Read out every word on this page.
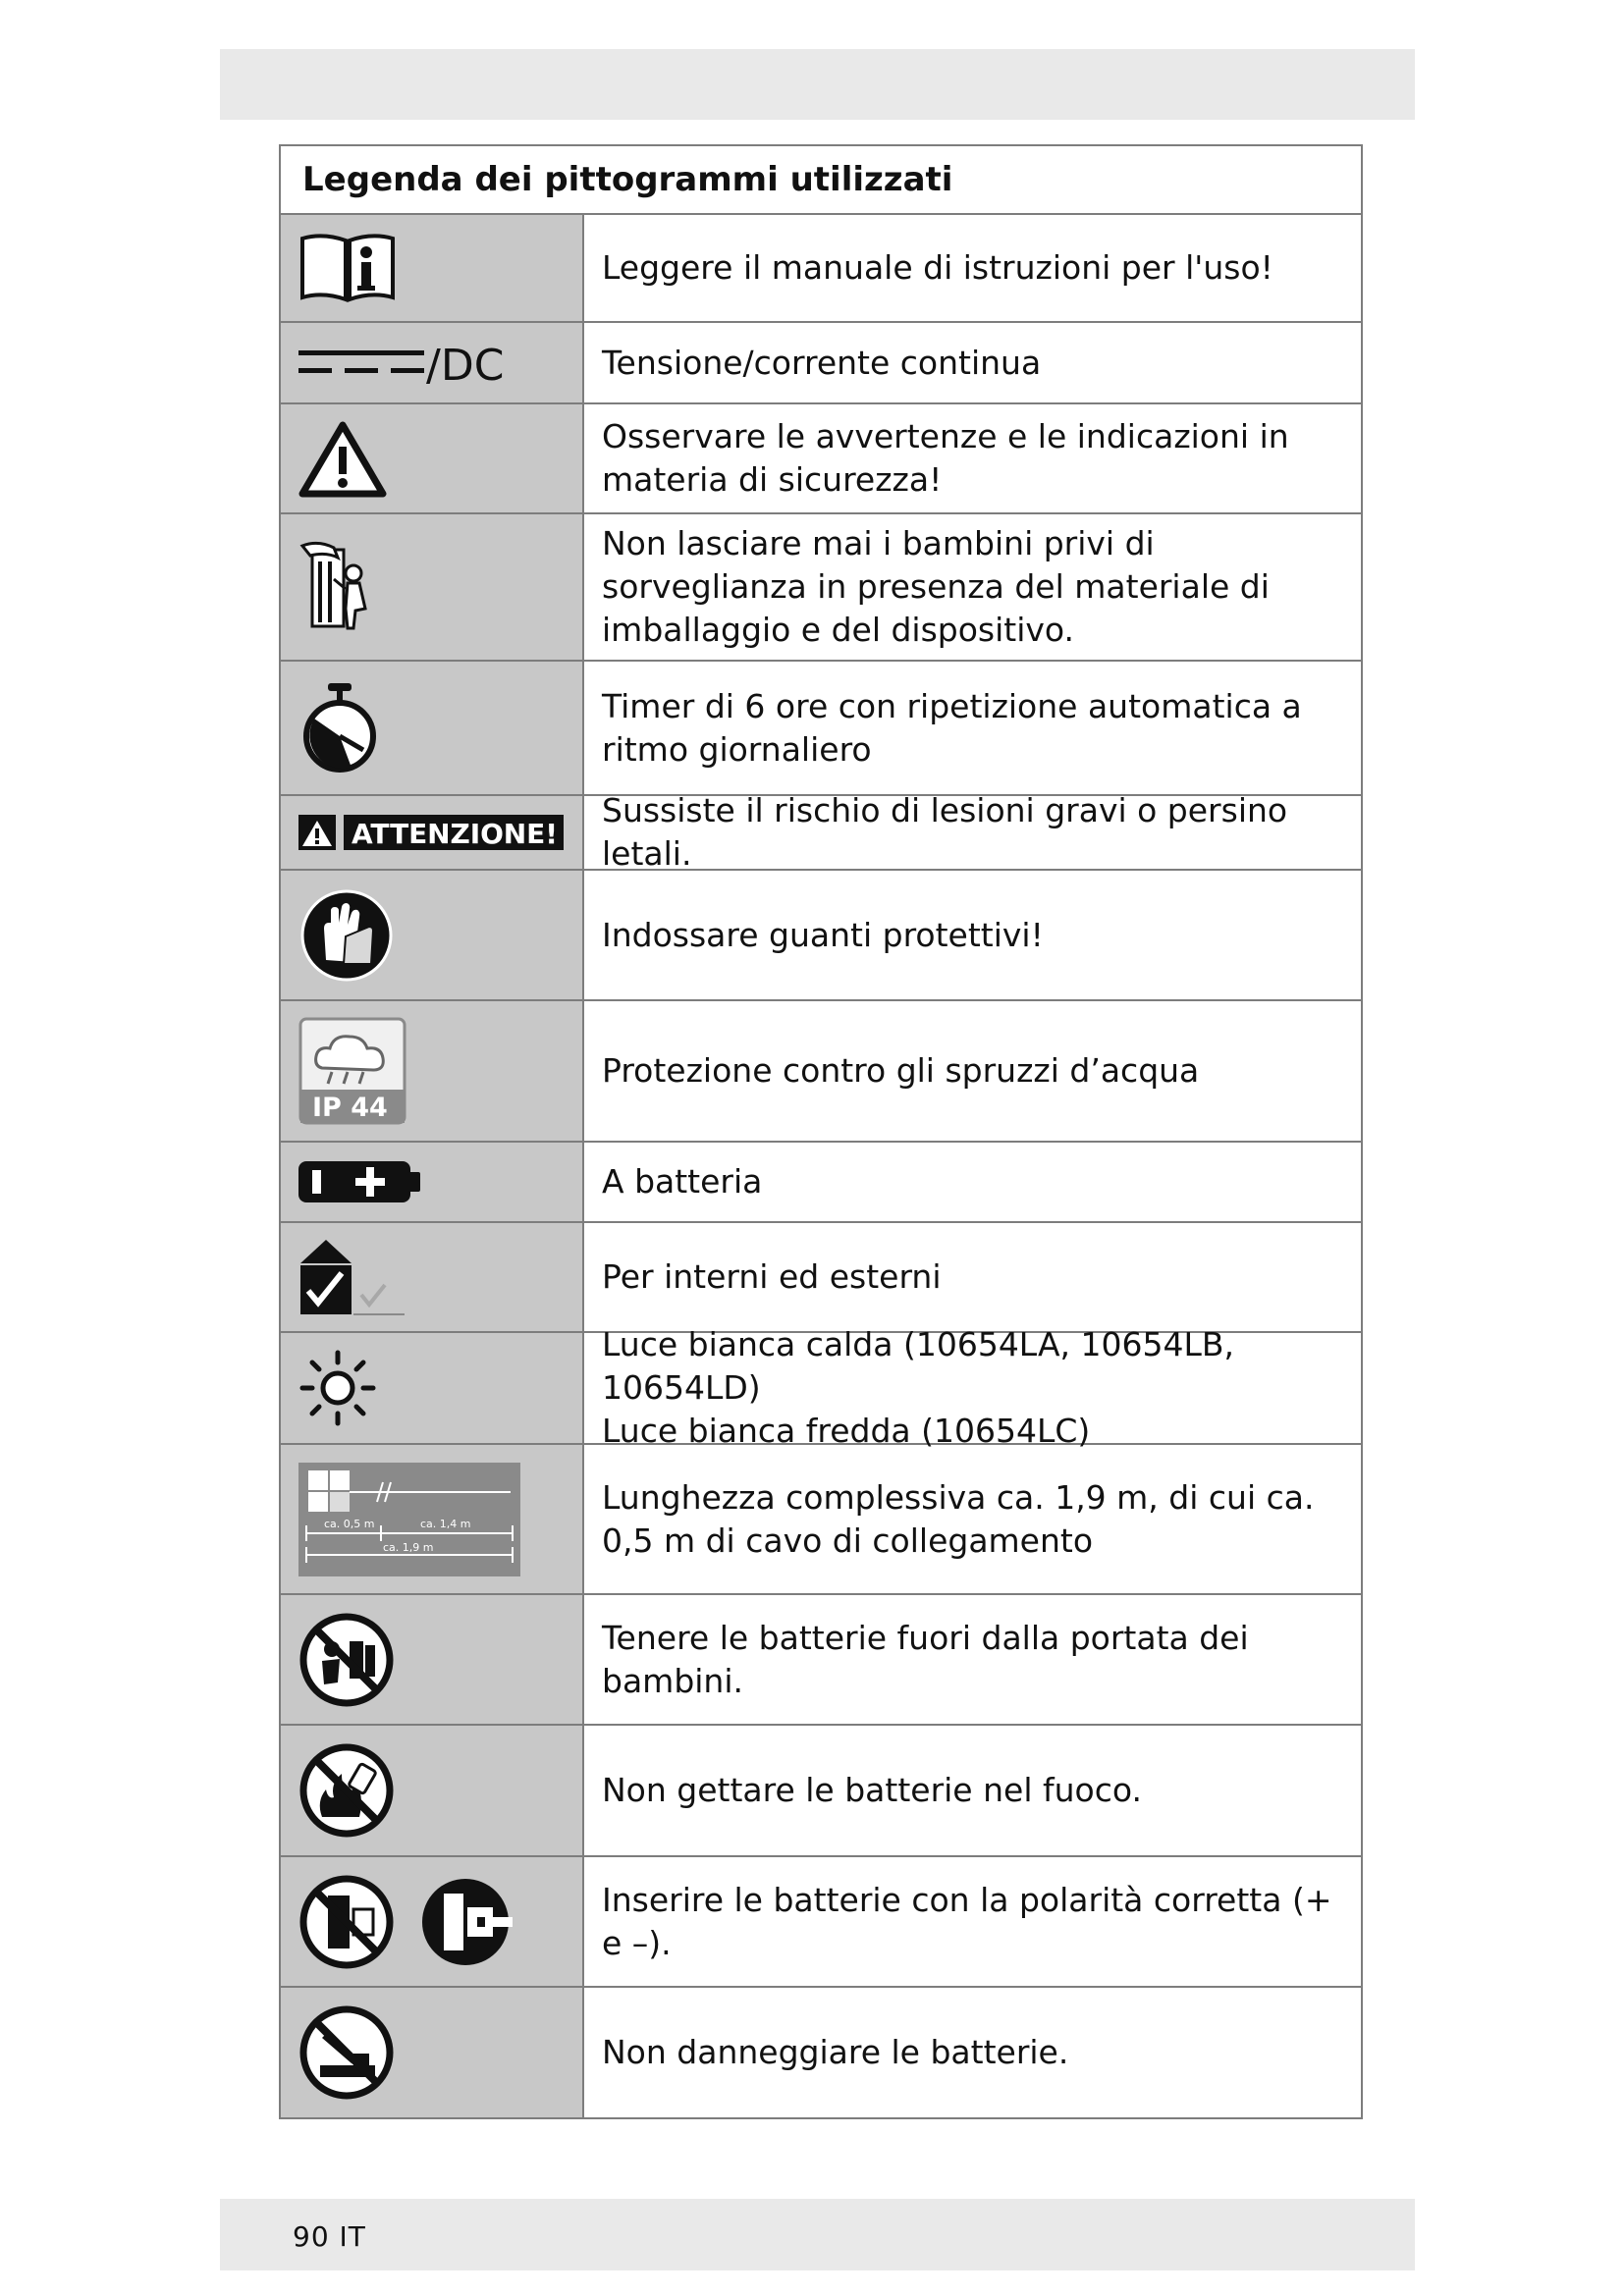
Legenda dei pittogrammi utilizzati
Leggere il manuale di istruzioni per l'uso!
/DC	Tensione/corrente continua
Osservare le avvertenze e le indicazioni in materia di sicurezza!
Non lasciare mai i bambini privi di sorveglianza in presenza del materiale di imballaggio e del dispositivo.
Timer di 6 ore con ripetizione automatica a ritmo giornaliero
ATTENZIONE!
Sussiste il rischio di lesioni gravi o persino letali.
Indossare guanti protettivi!
IP 44
Protezione contro gli spruzzi d’acqua
A batteria
Per interni ed esterni
Luce bianca calda (10654LA, 10654LB, 10654LD)
Luce bianca fredda (10654LC)
ca. 0,5 m	ca. 1,4 m
ca. 1,9 m
Lunghezza complessiva ca. 1,9 m, di cui ca. 0,5 m di cavo di collegamento
Tenere le batterie fuori dalla portata dei bambini.
Non gettare le batterie nel fuoco.
Inserire le batterie con la polarità corretta (+ e –).
Non danneggiare le batterie.
90 IT
